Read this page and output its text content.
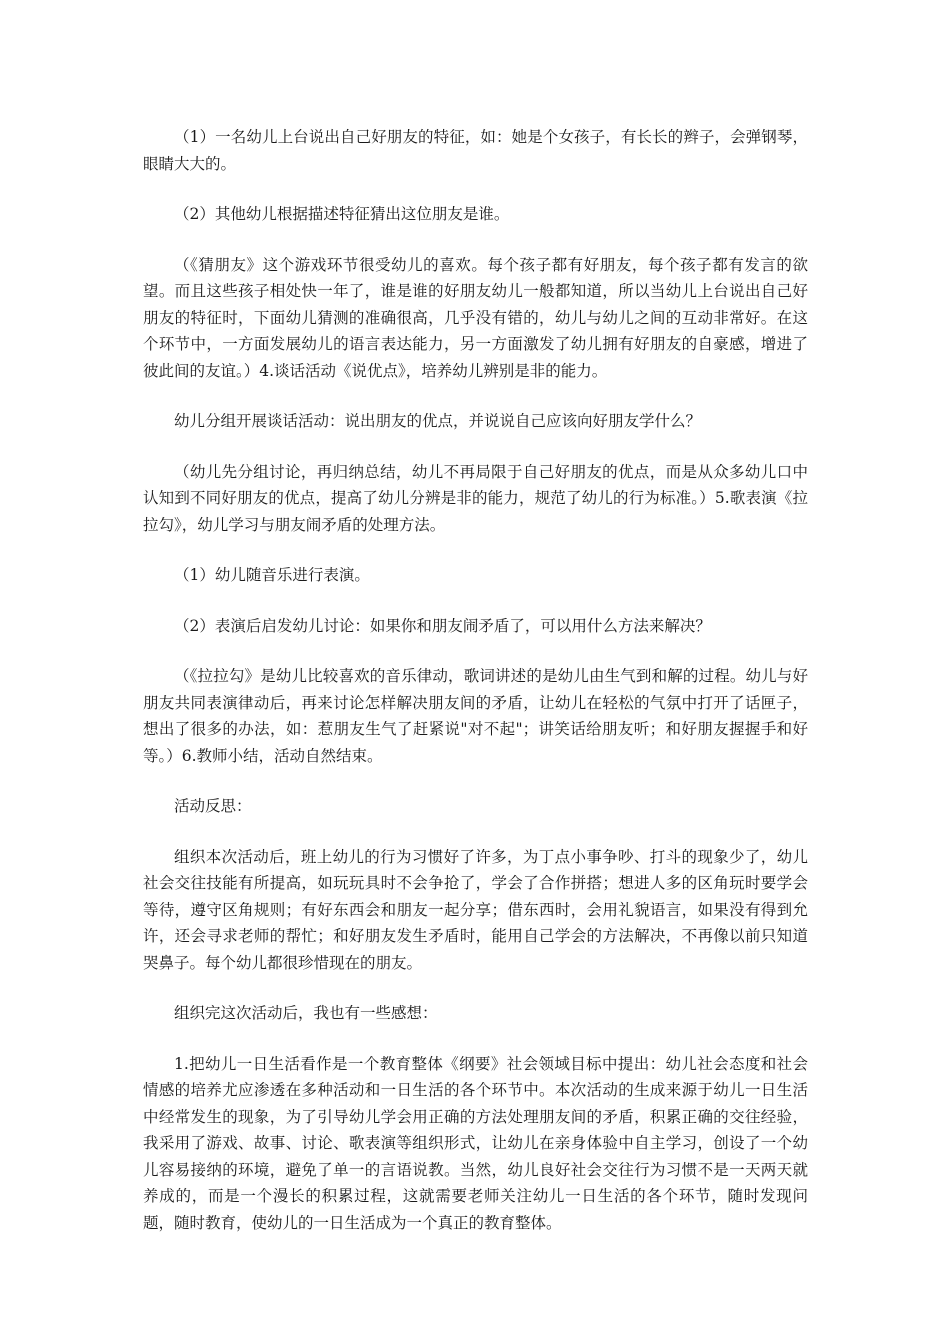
（1）一名幼儿上台说出自己好朋友的特征，如：她是个女孩子，有长长的辫子，会弹钢琴，眼睛大大的。

（2）其他幼儿根据描述特征猜出这位朋友是谁。

（《猜朋友》这个游戏环节很受幼儿的喜欢。每个孩子都有好朋友，每个孩子都有发言的欲望。而且这些孩子相处快一年了，谁是谁的好朋友幼儿一般都知道，所以当幼儿上台说出自己好朋友的特征时，下面幼儿猜测的准确很高，几乎没有错的，幼儿与幼儿之间的互动非常好。在这个环节中，一方面发展幼儿的语言表达能力，另一方面激发了幼儿拥有好朋友的自豪感，增进了彼此间的友谊。）4.谈话活动《说优点》，培养幼儿辨别是非的能力。

幼儿分组开展谈话活动：说出朋友的优点，并说说自己应该向好朋友学什么？

（幼儿先分组讨论，再归纳总结，幼儿不再局限于自己好朋友的优点，而是从众多幼儿口中认知到不同好朋友的优点，提高了幼儿分辨是非的能力，规范了幼儿的行为标准。）5.歌表演《拉拉勾》，幼儿学习与朋友闹矛盾的处理方法。

（1）幼儿随音乐进行表演。

（2）表演后启发幼儿讨论：如果你和朋友闹矛盾了，可以用什么方法来解决？

（《拉拉勾》是幼儿比较喜欢的音乐律动，歌词讲述的是幼儿由生气到和解的过程。幼儿与好朋友共同表演律动后，再来讨论怎样解决朋友间的矛盾，让幼儿在轻松的气氛中打开了话匣子，想出了很多的办法，如：惹朋友生气了赶紧说"对不起"；讲笑话给朋友听；和好朋友握握手和好等。）6.教师小结，活动自然结束。

活动反思：

组织本次活动后，班上幼儿的行为习惯好了许多，为丁点小事争吵、打斗的现象少了，幼儿社会交往技能有所提高，如玩玩具时不会争抢了，学会了合作拼搭；想进人多的区角玩时要学会等待，遵守区角规则；有好东西会和朋友一起分享；借东西时，会用礼貌语言，如果没有得到允许，还会寻求老师的帮忙；和好朋友发生矛盾时，能用自己学会的方法解决，不再像以前只知道哭鼻子。每个幼儿都很珍惜现在的朋友。

组织完这次活动后，我也有一些感想：

1.把幼儿一日生活看作是一个教育整体《纲要》社会领域目标中提出：幼儿社会态度和社会情感的培养尤应渗透在多种活动和一日生活的各个环节中。本次活动的生成来源于幼儿一日生活中经常发生的现象，为了引导幼儿学会用正确的方法处理朋友间的矛盾，积累正确的交往经验，我采用了游戏、故事、讨论、歌表演等组织形式，让幼儿在亲身体验中自主学习，创设了一个幼儿容易接纳的环境，避免了单一的言语说教。当然，幼儿良好社会交往行为习惯不是一天两天就养成的，而是一个漫长的积累过程，这就需要老师关注幼儿一日生活的各个环节，随时发现问题，随时教育，使幼儿的一日生活成为一个真正的教育整体。
